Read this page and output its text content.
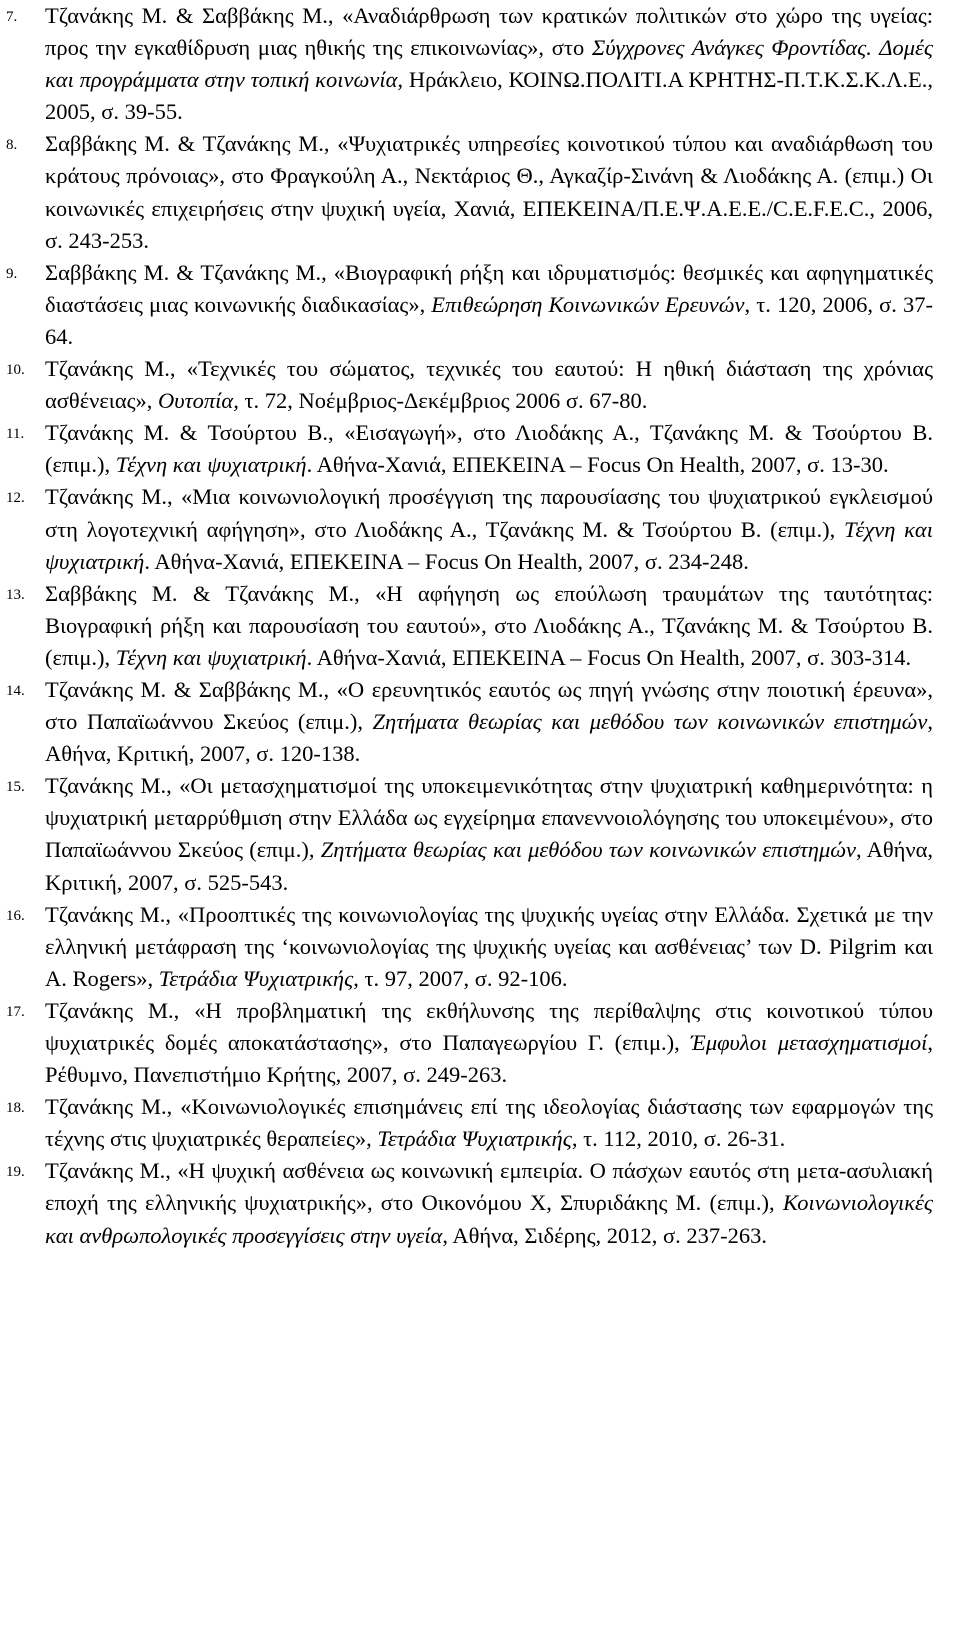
7. Τζανάκης Μ. & Σαββάκης Μ., «Αναδιάρθρωση των κρατικών πολιτικών στο χώρο της υγείας: προς την εγκαθίδρυση μιας ηθικής της επικοινωνίας», στο Σύγχρονες Ανάγκες Φροντίδας. Δομές και προγράμματα στην τοπική κοινωνία, Ηράκλειο, ΚΟΙΝΩ.ΠΟΛΙΤΙ.Α ΚΡΗΤΗΣ-Π.Τ.Κ.Σ.Κ.Λ.Ε., 2005, σ. 39-55.
8. Σαββάκης Μ. & Τζανάκης Μ., «Ψυχιατρικές υπηρεσίες κοινοτικού τύπου και αναδιάρθωση του κράτους πρόνοιας», στο Φραγκούλη Α., Νεκτάριος Θ., Αγκαζίρ-Σινάνη & Λιοδάκης Α. (επιμ.) Οι κοινωνικές επιχειρήσεις στην ψυχική υγεία, Χανιά, ΕΠΕΚΕΙΝΑ/Π.Ε.Ψ.Α.Ε.Ε./C.E.F.E.C., 2006, σ. 243-253.
9. Σαββάκης Μ. & Τζανάκης Μ., «Βιογραφική ρήξη και ιδρυματισμός: θεσμικές και αφηγηματικές διαστάσεις μιας κοινωνικής διαδικασίας», Επιθεώρηση Κοινωνικών Ερευνών, τ. 120, 2006, σ. 37-64.
10. Τζανάκης Μ., «Τεχνικές του σώματος, τεχνικές του εαυτού: Η ηθική διάσταση της χρόνιας ασθένειας», Ουτοπία, τ. 72, Νοέμβριος-Δεκέμβριος 2006 σ. 67-80.
11. Τζανάκης Μ. & Τσούρτου Β., «Εισαγωγή», στο Λιοδάκης Α., Τζανάκης Μ. & Τσούρτου Β. (επιμ.), Τέχνη και ψυχιατρική. Αθήνα-Χανιά, ΕΠΕΚΕΙΝΑ – Focus On Health, 2007, σ. 13-30.
12. Τζανάκης Μ., «Μια κοινωνιολογική προσέγγιση της παρουσίασης του ψυχιατρικού εγκλεισμού στη λογοτεχνική αφήγηση», στο Λιοδάκης Α., Τζανάκης Μ. & Τσούρτου Β. (επιμ.), Τέχνη και ψυχιατρική. Αθήνα-Χανιά, ΕΠΕΚΕΙΝΑ – Focus On Health, 2007, σ. 234-248.
13. Σαββάκης Μ. & Τζανάκης Μ., «Η αφήγηση ως επούλωση τραυμάτων της ταυτότητας: Βιογραφική ρήξη και παρουσίαση του εαυτού», στο Λιοδάκης Α., Τζανάκης Μ. & Τσούρτου Β. (επιμ.), Τέχνη και ψυχιατρική. Αθήνα-Χανιά, ΕΠΕΚΕΙΝΑ – Focus On Health, 2007, σ. 303-314.
14. Τζανάκης Μ. & Σαββάκης Μ., «Ο ερευνητικός εαυτός ως πηγή γνώσης στην ποιοτική έρευνα», στο Παπαϊωάννου Σκεύος (επιμ.), Ζητήματα θεωρίας και μεθόδου των κοινωνικών επιστημών, Αθήνα, Κριτική, 2007, σ. 120-138.
15. Τζανάκης Μ., «Οι μετασχηματισμοί της υποκειμενικότητας στην ψυχιατρική καθημερινότητα: η ψυχιατρική μεταρρύθμιση στην Ελλάδα ως εγχείρημα επανεννοιολόγησης του υποκειμένου», στο Παπαϊωάννου Σκεύος (επιμ.), Ζητήματα θεωρίας και μεθόδου των κοινωνικών επιστημών, Αθήνα, Κριτική, 2007, σ. 525-543.
16. Τζανάκης Μ., «Προοπτικές της κοινωνιολογίας της ψυχικής υγείας στην Ελλάδα. Σχετικά με την ελληνική μετάφραση της ‘κοινωνιολογίας της ψυχικής υγείας και ασθένειας’ των D. Pilgrim και A. Rogers», Τετράδια Ψυχιατρικής, τ. 97, 2007, σ. 92-106.
17. Τζανάκης Μ., «Η προβληματική της εκθήλυνσης της περίθαλψης στις κοινοτικού τύπου ψυχιατρικές δομές αποκατάστασης», στο Παπαγεωργίου Γ. (επιμ.), Έμφυλοι μετασχηματισμοί, Ρέθυμνο, Πανεπιστήμιο Κρήτης, 2007, σ. 249-263.
18. Τζανάκης Μ., «Κοινωνιολογικές επισημάνεις επί της ιδεολογίας διάστασης των εφαρμογών της τέχνης στις ψυχιατρικές θεραπείες», Τετράδια Ψυχιατρικής, τ. 112, 2010, σ. 26-31.
19. Τζανάκης Μ., «Η ψυχική ασθένεια ως κοινωνική εμπειρία. Ο πάσχων εαυτός στη μετα-ασυλιακή εποχή της ελληνικής ψυχιατρικής», στο Οικονόμου Χ, Σπυριδάκης Μ. (επιμ.), Κοινωνιολογικές και ανθρωπολογικές προσεγγίσεις στην υγεία, Αθήνα, Σιδέρης, 2012, σ. 237-263.
